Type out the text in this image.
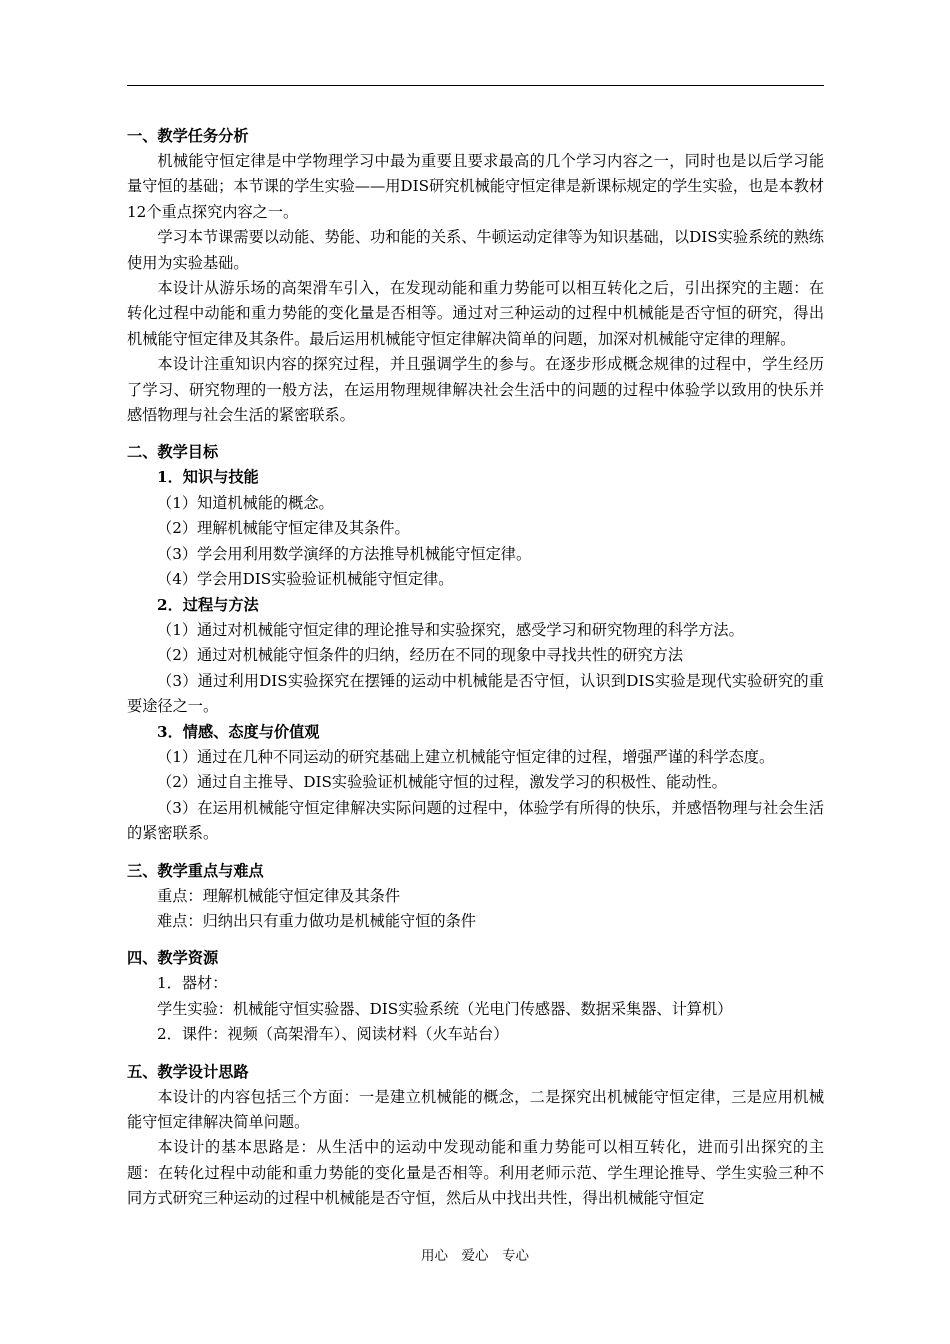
一、教学任务分析

机械能守恒定律是中学物理学习中最为重要且要求最高的几个学习内容之一，同时也是以后学习能量守恒的基础；本节课的学生实验——用DIS研究机械能守恒定律是新课标规定的学生实验，也是本教材12个重点探究内容之一。

学习本节课需要以动能、势能、功和能的关系、牛顿运动定律等为知识基础，以DIS实验系统的熟练使用为实验基础。

本设计从游乐场的高架滑车引入，在发现动能和重力势能可以相互转化之后，引出探究的主题：在转化过程中动能和重力势能的变化量是否相等。通过对三种运动的过程中机械能是否守恒的研究，得出机械能守恒定律及其条件。最后运用机械能守恒定律解决简单的问题，加深对机械能守定律的理解。

本设计注重知识内容的探究过程，并且强调学生的参与。在逐步形成概念规律的过程中，学生经历了学习、研究物理的一般方法，在运用物理规律解决社会生活中的问题的过程中体验学以致用的快乐并感悟物理与社会生活的紧密联系。

二、教学目标

1．知识与技能

（1）知道机械能的概念。

（2）理解机械能守恒定律及其条件。

（3）学会用利用数学演绎的方法推导机械能守恒定律。

（4）学会用DIS实验验证机械能守恒定律。

2．过程与方法

（1）通过对机械能守恒定律的理论推导和实验探究，感受学习和研究物理的科学方法。

（2）通过对机械能守恒条件的归纳，经历在不同的现象中寻找共性的研究方法

（3）通过利用DIS实验探究在摆锤的运动中机械能是否守恒，认识到DIS实验是现代实验研究的重要途径之一。

3．情感、态度与价值观

（1）通过在几种不同运动的研究基础上建立机械能守恒定律的过程，增强严谨的科学态度。

（2）通过自主推导、DIS实验验证机械能守恒的过程，激发学习的积极性、能动性。

（3）在运用机械能守恒定律解决实际问题的过程中，体验学有所得的快乐，并感悟物理与社会生活的紧密联系。

三、教学重点与难点

重点：理解机械能守恒定律及其条件

难点：归纳出只有重力做功是机械能守恒的条件

四、教学资源

1．器材：

学生实验：机械能守恒实验器、DIS实验系统（光电门传感器、数据采集器、计算机）

2．课件：视频（高架滑车）、阅读材料（火车站台）

五、教学设计思路

本设计的内容包括三个方面：一是建立机械能的概念，二是探究出机械能守恒定律，三是应用机械能守恒定律解决简单问题。

本设计的基本思路是：从生活中的运动中发现动能和重力势能可以相互转化，进而引出探究的主题：在转化过程中动能和重力势能的变化量是否相等。利用老师示范、学生理论推导、学生实验三种不同方式研究三种运动的过程中机械能是否守恒，然后从中找出共性，得出机械能守恒定

用心　爱心　专心
